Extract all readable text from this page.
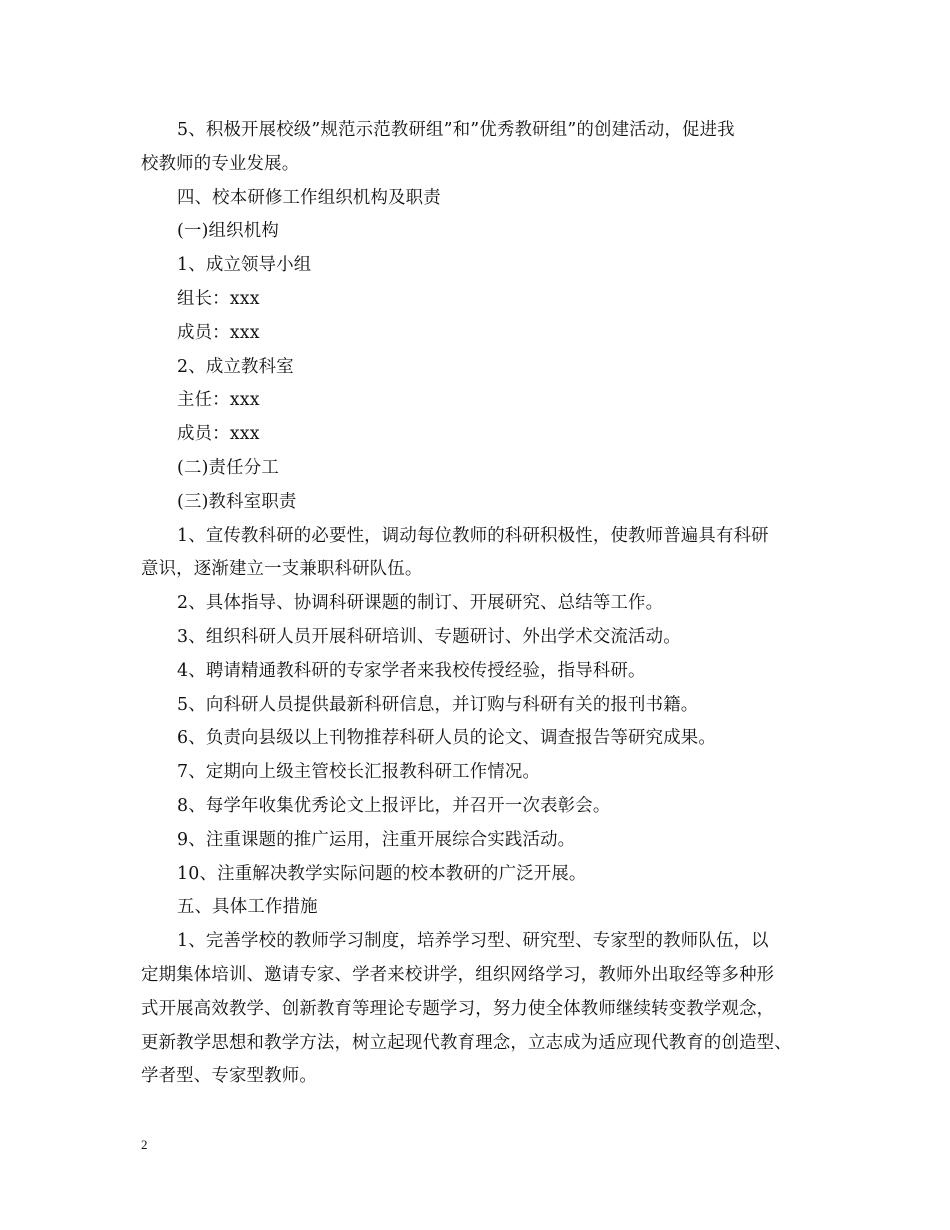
5、积极开展校级”规范示范教研组”和”优秀教研组”的创建活动，促进我
校教师的专业发展。
四、校本研修工作组织机构及职责
(一)组织机构
1、成立领导小组
组长：xxx
成员：xxx
2、成立教科室
主任：xxx
成员：xxx
(二)责任分工
(三)教科室职责
1、宣传教科研的必要性，调动每位教师的科研积极性，使教师普遍具有科研
意识，逐渐建立一支兼职科研队伍。
2、具体指导、协调科研课题的制订、开展研究、总结等工作。
3、组织科研人员开展科研培训、专题研讨、外出学术交流活动。
4、聘请精通教科研的专家学者来我校传授经验，指导科研。
5、向科研人员提供最新科研信息，并订购与科研有关的报刊书籍。
6、负责向县级以上刊物推荐科研人员的论文、调查报告等研究成果。
7、定期向上级主管校长汇报教科研工作情况。
8、每学年收集优秀论文上报评比，并召开一次表彰会。
9、注重课题的推广运用，注重开展综合实践活动。
10、注重解决教学实际问题的校本教研的广泛开展。
五、具体工作措施
1、完善学校的教师学习制度，培养学习型、研究型、专家型的教师队伍，以
定期集体培训、邀请专家、学者来校讲学，组织网络学习，教师外出取经等多种形
式开展高效教学、创新教育等理论专题学习，努力使全体教师继续转变教学观念，
更新教学思想和教学方法，树立起现代教育理念，立志成为适应现代教育的创造型、
学者型、专家型教师。
2
